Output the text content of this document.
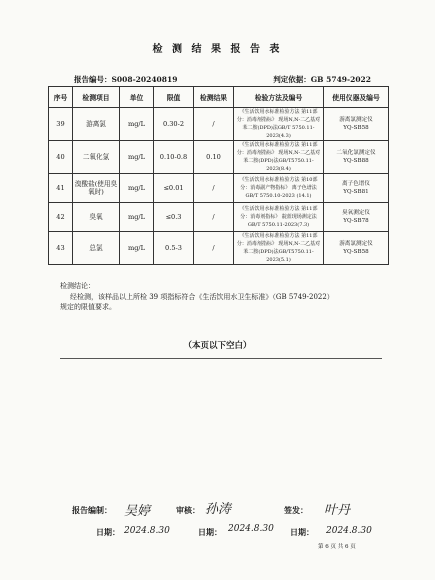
检 测 结 果 报 告 表
报告编号：S008-20240819	判定依据：GB 5749-2022
序号	检测项目	单位	限值	检测结果	检验方法及编号	使用仪器及编号
39	游离氯	mg/L	0.30-2	/	《生活饮用水标准检验方法 第11部分：消毒剂指标》 现场N,N-二乙基对苯二胺(DPD)法GB/T 5750.11-2023(4.3)	游离氯测定仪
YQ-SB58
40	二氧化氯	mg/L	0.10-0.8	0.10	《生活饮用水标准检验方法 第11部分：消毒剂指标》 现场N,N-二乙基对苯二胺(DPD)法GB/T5750.11-2023(8.4)	二氧化氯测定仪
YQ-SB88
41	溴酸盐(使用臭氧时)	mg/L	≤0.01	/	《生活饮用水标准检验方法 第10部分：消毒副产物指标》 离子色谱法GB/T 5750.10-2023 (14.1)	离子色谱仪
YQ-SB81
42	臭氧	mg/L	≤0.3	/	《生活饮用水标准检验方法 第11部分：消毒剂指标》 靛蓝现场测定法 GB/T 5750.11-2023(7.3)	臭氧测定仪
YQ-SB78
43	总氯	mg/L	0.5-3	/	《生活饮用水标准检验方法 第11部分：消毒剂指标》 现场N,N-二乙基对苯二胺(DPD)法GB/T5750.11-2023(5.1)	游离氯测定仪
YQ-SB58
检测结论：
经检测，该样品以上所检 39 项指标符合《生活饮用水卫生标准》（GB 5749-2022）
规定的限值要求。
（本页以下空白）
报告编制： 吴婷	审核： 孙涛	签发： 叶丹
日期： 2024.8.30	日期： 2024.8.30 日期： 2024.8.30
第 6 页 共 6 页
